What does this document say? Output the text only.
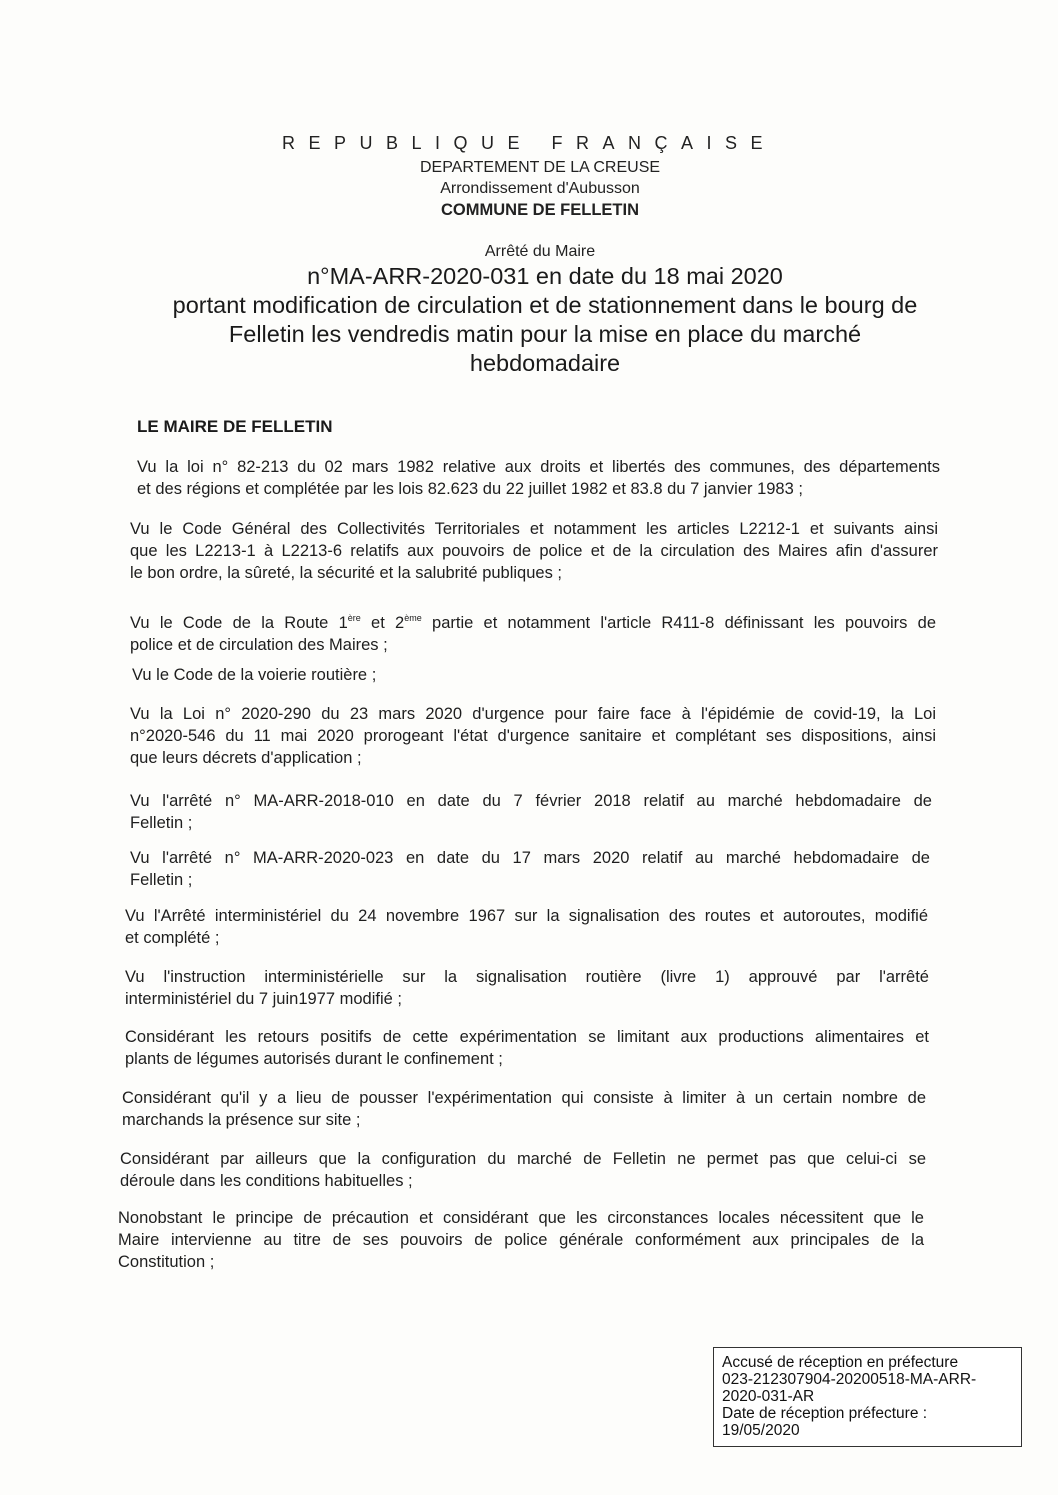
REPUBLIQUE FRANÇAISE
DEPARTEMENT DE LA CREUSE
Arrondissement d'Aubusson
COMMUNE DE FELLETIN
Arrêté du Maire
n°MA-ARR-2020-031 en date du 18 mai 2020
portant modification de circulation et de stationnement dans le bourg de
Felletin les vendredis matin pour la mise en place du marché
hebdomadaire
LE MAIRE DE FELLETIN
Vu la loi n° 82-213 du 02 mars 1982 relative aux droits et libertés des communes, des départements
et des régions et complétée par les lois 82.623 du 22 juillet 1982 et 83.8 du 7 janvier 1983 ;
Vu le Code Général des Collectivités Territoriales et notamment les articles L2212-1 et suivants ainsi
que les L2213-1 à L2213-6 relatifs aux pouvoirs de police et de la circulation des Maires afin d'assurer
le bon ordre, la sûreté, la sécurité et la salubrité publiques ;
Vu le Code de la Route 1ère et 2ème partie et notamment l'article R411-8 définissant les pouvoirs de
police et de circulation des Maires ;
Vu le Code de la voierie routière ;
Vu la Loi n° 2020-290 du 23 mars 2020 d'urgence pour faire face à l'épidémie de covid-19, la Loi
n°2020-546 du 11 mai 2020 prorogeant l'état d'urgence sanitaire et complétant ses dispositions, ainsi
que leurs décrets d'application ;
Vu l'arrêté n° MA-ARR-2018-010 en date du 7 février 2018 relatif au marché hebdomadaire de
Felletin ;
Vu l'arrêté n° MA-ARR-2020-023 en date du 17 mars 2020 relatif au marché hebdomadaire de
Felletin ;
Vu l'Arrêté interministériel du 24 novembre 1967 sur la signalisation des routes et autoroutes, modifié
et complété ;
Vu l'instruction interministérielle sur la signalisation routière (livre 1) approuvé par l'arrêté
interministériel du 7 juin1977 modifié ;
Considérant les retours positifs de cette expérimentation se limitant aux productions alimentaires et
plants de légumes autorisés durant le confinement ;
Considérant qu'il y a lieu de pousser l'expérimentation qui consiste à limiter à un certain nombre de
marchands la présence sur site ;
Considérant par ailleurs que la configuration du marché de Felletin ne permet pas que celui-ci se
déroule dans les conditions habituelles ;
Nonobstant le principe de précaution et considérant que les circonstances locales nécessitent que le
Maire intervienne au titre de ses pouvoirs de police générale conformément aux principales de la
Constitution ;
Accusé de réception en préfecture
023-212307904-20200518-MA-ARR-
2020-031-AR
Date de réception préfecture :
19/05/2020
